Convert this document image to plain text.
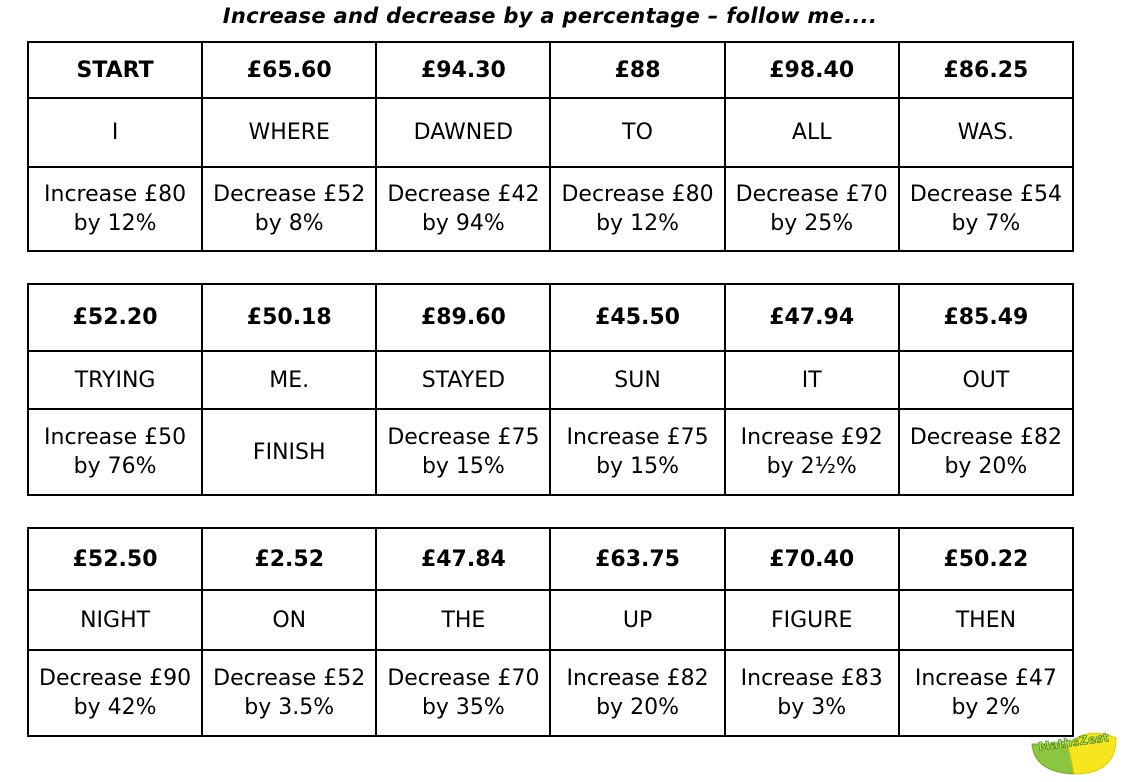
Increase and decrease by a percentage – follow me....
START	£65.60	£94.30	£88	£98.40	£86.25
I	WHERE	DAWNED	TO	ALL	WAS.
Increase £80 by 12%	Decrease £52 by 8%	Decrease £42 by 94%	Decrease £80 by 12%	Decrease £70 by 25%	Decrease £54 by 7%
£52.20	£50.18	£89.60	£45.50	£47.94	£85.49
TRYING	ME.	STAYED	SUN	IT	OUT
Increase £50 by 76%	FINISH	Decrease £75 by 15%	Increase £75 by 15%	Increase £92 by 2½%	Decrease £82 by 20%
£52.50	£2.52	£47.84	£63.75	£70.40	£50.22
NIGHT	ON	THE	UP	FIGURE	THEN
Decrease £90 by 42%	Decrease £52 by 3.5%	Decrease £70 by 35%	Increase £82 by 20%	Increase £83 by 3%	Increase £47 by 2%
MathsZest
